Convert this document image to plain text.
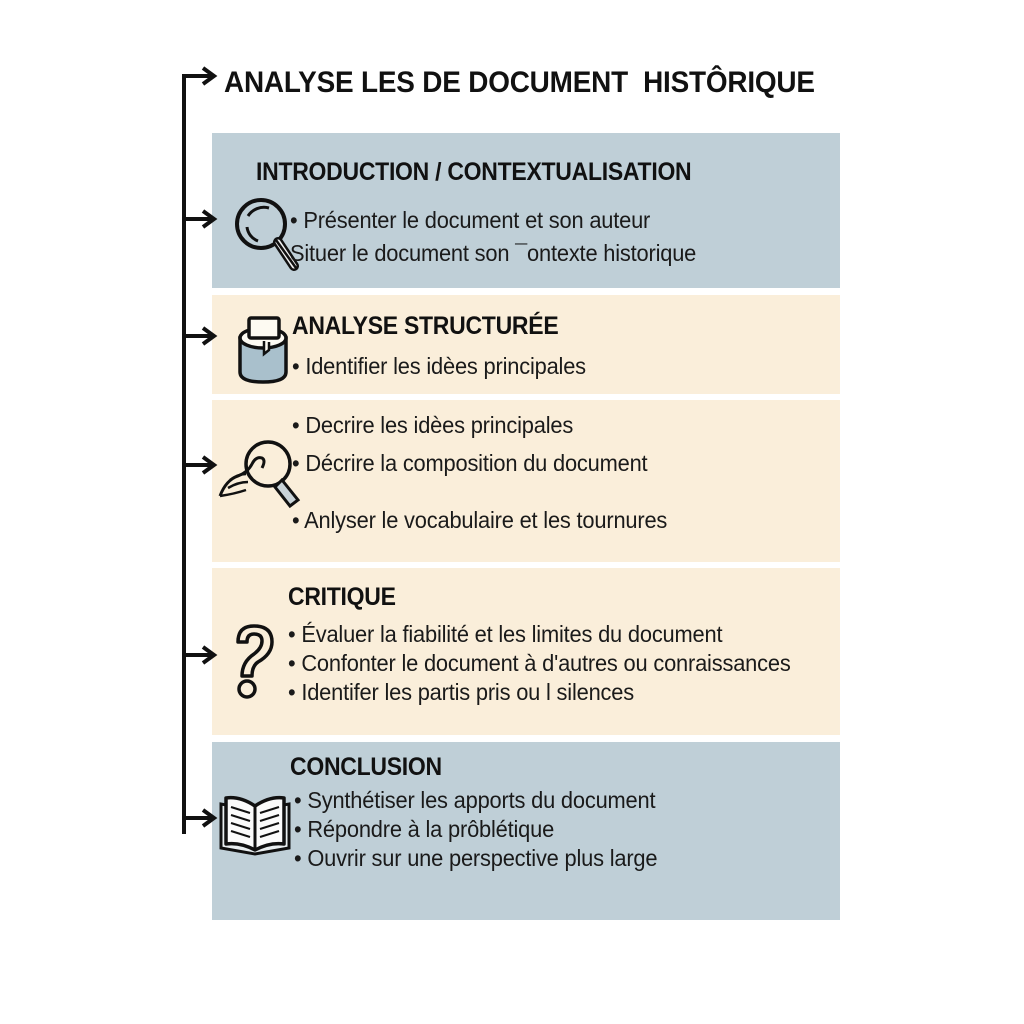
ANALYSE LES DE DOCUMENT  HISTÔRIQUE
INTRODUCTION / CONTEXTUALISATION
• Présenter le document et son auteur
Situer le document son ¯ontexte historique
ANALYSE STRUCTURÉE
• Identifier les idèes principales
• Decrire les idèes principales
• Décrire la composition du document
• Anlyser le vocabulaire et les tournures
CRITIQUE
• Évaluer la fiabilité et les limites du document
• Confonter le document à d'autres ou conraissances
• Identifer les partis pris ou l silences
CONCLUSION
• Synthétiser les apports du document
• Répondre à la prôblétique
• Ouvrir sur une perspective plus large
